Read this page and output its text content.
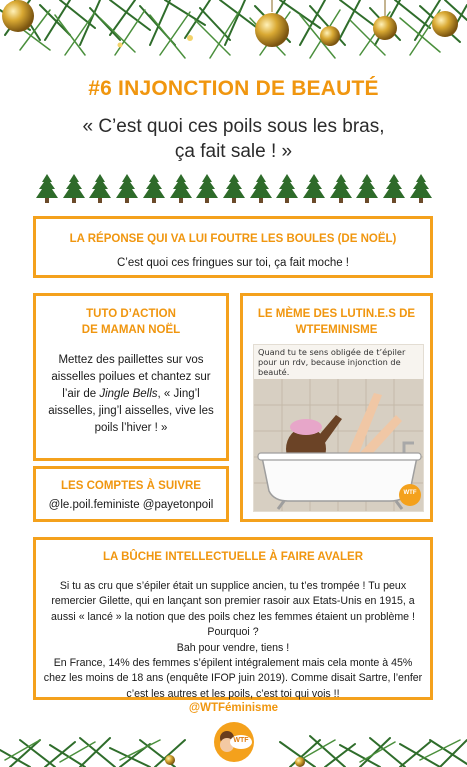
#6 INJONCTION DE BEAUTÉ
« C’est quoi ces poils sous les bras,
ça fait sale ! »
LA RÉPONSE QUI VA LUI FOUTRE LES BOULES (DE NOËL)
C’est quoi ces fringues sur toi, ça fait moche !
TUTO D’ACTION
DE MAMAN NOËL
Mettez des paillettes sur vos aisselles poilues et chantez sur l’air de Jingle Bells, « Jing’l aisselles, jing’l aisselles, vive les poils l’hiver ! »
LE MÈME DES LUTIN.E.S DE
WTFEMINISME
Quand tu te sens obligée de t’épiler pour un rdv, because injonction de beauté.
WTF
LES COMPTES À SUIVRE
@le.poil.feministe @payetonpoil
LA BÛCHE INTELLECTUELLE À FAIRE AVALER
Si tu as cru que s’épiler était un supplice ancien, tu t’es trompée ! Tu peux remercier Gilette, qui en lançant son premier rasoir aux Etats-Unis en 1915, a aussi « lancé » la notion que des poils chez les femmes étaient un problème !
Pourquoi ?
Bah pour vendre, tiens !
En France, 14% des femmes s’épilent intégralement mais cela monte à 45% chez les moins de 18 ans (enquête IFOP juin 2019). Comme disait Sartre, l’enfer c’est les autres et les poils, c’est toi qui vois !!
@WTFéminisme
WTF
